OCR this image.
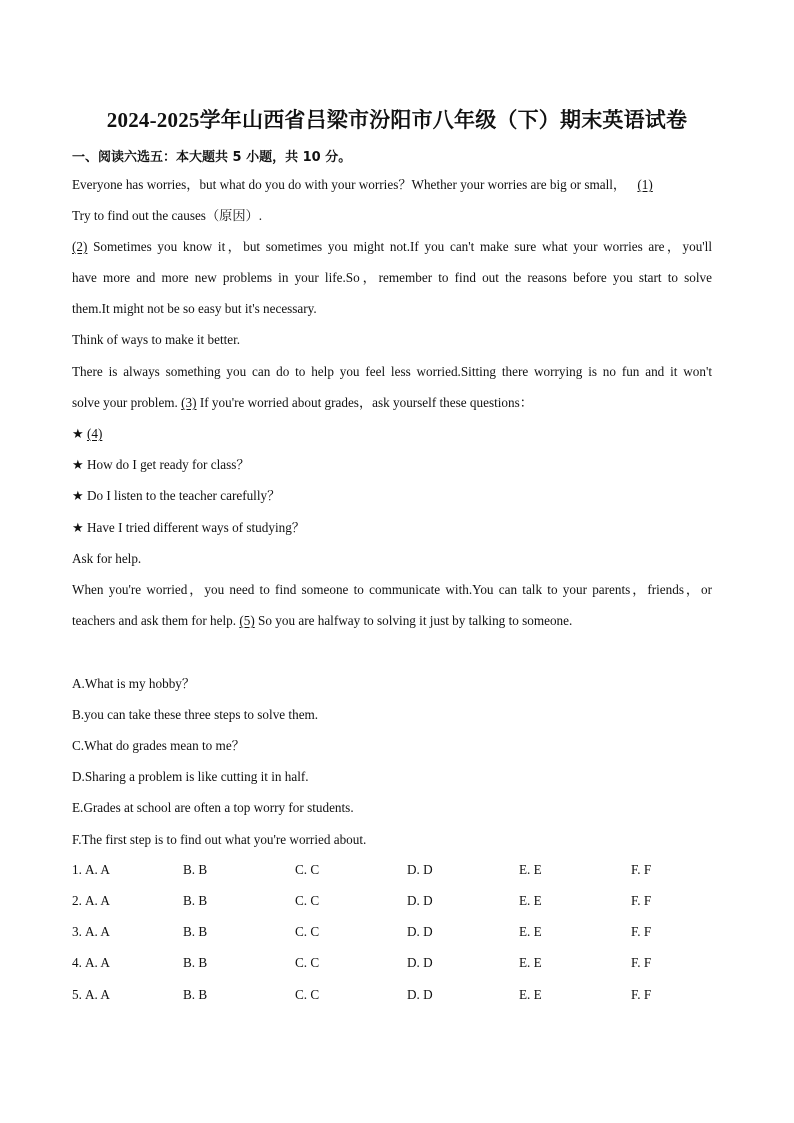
2024-2025学年山西省吕梁市汾阳市八年级（下）期末英语试卷
一、阅读六选五：本大题共 5 小题，共 10 分。
Everyone has worries，but what do you do with your worries？Whether your worries are big or small， (1)
Try to find out the causes（原因）.
(2) Sometimes you know it，but sometimes you might not.If you can't make sure what your worries are，you'll
have more and more new problems in your life.So，remember to find out the reasons before you start to solve
them.It might not be so easy but it's necessary.
Think of ways to make it better.
There is always something you can do to help you feel less worried.Sitting there worrying is no fun and it won't
solve your problem. (3) If you're worried about grades，ask yourself these questions：
★ (4)
★ How do I get ready for class？
★ Do I listen to the teacher carefully？
★ Have I tried different ways of studying？
Ask for help.
When you're worried，you need to find someone to communicate with.You can talk to your parents，friends，or
teachers and ask them for help. (5) So you are halfway to solving it just by talking to someone.
A.What is my hobby？
B.you can take these three steps to solve them.
C.What do grades mean to me？
D.Sharing a problem is like cutting it in half.
E.Grades at school are often a top worry for students.
F.The first step is to find out what you're worried about.
1. A. A	B. B	C. C	D. D	E. E	F. F
2. A. A	B. B	C. C	D. D	E. E	F. F
3. A. A	B. B	C. C	D. D	E. E	F. F
4. A. A	B. B	C. C	D. D	E. E	F. F
5. A. A	B. B	C. C	D. D	E. E	F. F
